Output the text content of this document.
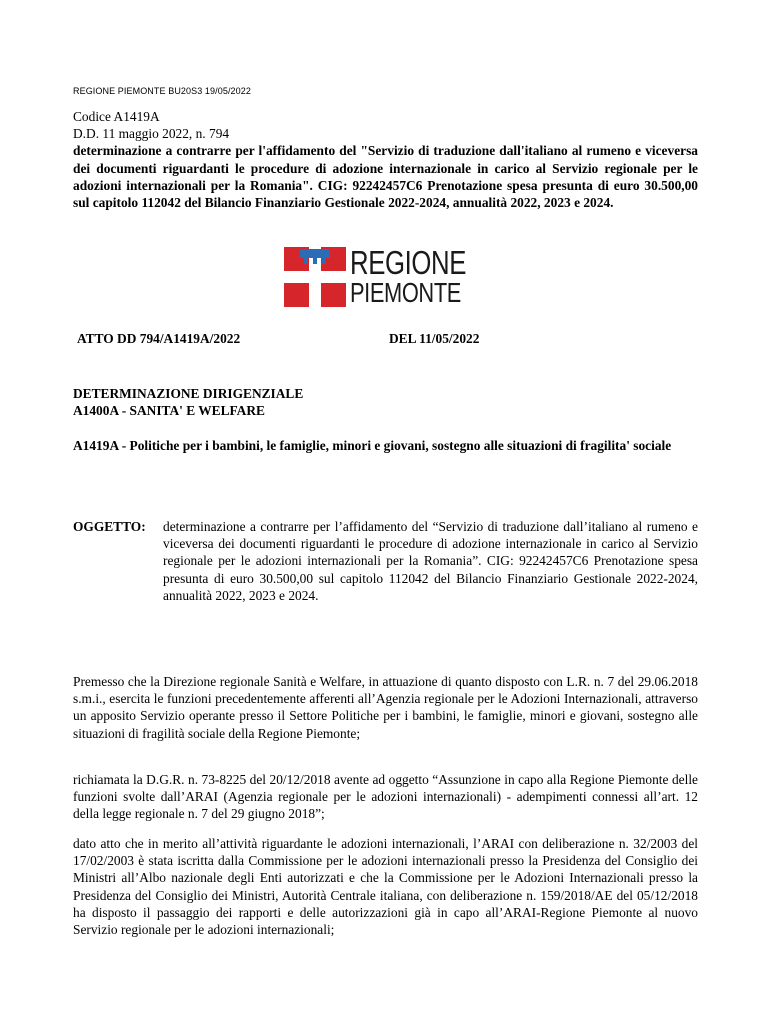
REGIONE PIEMONTE BU20S3 19/05/2022
Codice A1419A
D.D. 11 maggio 2022, n. 794
determinazione a contrarre per l'affidamento del "Servizio di traduzione dall'italiano al rumeno e viceversa dei documenti riguardanti le procedure di adozione internazionale in carico al Servizio regionale per le adozioni internazionali per la Romania". CIG: 92242457C6 Prenotazione spesa presunta di euro 30.500,00 sul capitolo 112042 del Bilancio Finanziario Gestionale 2022-2024, annualità 2022, 2023 e 2024.
REGIONE
PIEMONTE
ATTO DD 794/A1419A/2022	DEL 11/05/2022
DETERMINAZIONE DIRIGENZIALE
A1400A - SANITA' E WELFARE
A1419A - Politiche per i bambini, le famiglie, minori e giovani, sostegno alle situazioni di fragilita' sociale
OGGETTO: determinazione a contrarre per l’affidamento del “Servizio di traduzione dall’italiano al rumeno e viceversa dei documenti riguardanti le procedure di adozione internazionale in carico al Servizio regionale per le adozioni internazionali per la Romania”. CIG: 92242457C6 Prenotazione spesa presunta di euro 30.500,00 sul capitolo 112042 del Bilancio Finanziario Gestionale 2022-2024, annualità 2022, 2023 e 2024.
Premesso che la Direzione regionale Sanità e Welfare, in attuazione di quanto disposto con L.R. n. 7 del 29.06.2018 s.m.i., esercita le funzioni precedentemente afferenti all’Agenzia regionale per le Adozioni Internazionali, attraverso un apposito Servizio operante presso il Settore Politiche per i bambini, le famiglie, minori e giovani, sostegno alle situazioni di fragilità sociale della Regione Piemonte;
richiamata la D.G.R. n. 73-8225 del 20/12/2018 avente ad oggetto “Assunzione in capo alla Regione Piemonte delle funzioni svolte dall’ARAI (Agenzia regionale per le adozioni internazionali) - adempimenti connessi all’art. 12 della legge regionale n. 7 del 29 giugno 2018”;
dato atto che in merito all’attività riguardante le adozioni internazionali, l’ARAI con deliberazione n. 32/2003 del 17/02/2003 è stata iscritta dalla Commissione per le adozioni internazionali presso la Presidenza del Consiglio dei Ministri all’Albo nazionale degli Enti autorizzati e che la Commissione per le Adozioni Internazionali presso la Presidenza del Consiglio dei Ministri, Autorità Centrale italiana, con deliberazione n. 159/2018/AE del 05/12/2018 ha disposto il passaggio dei rapporti e delle autorizzazioni già in capo all’ARAI-Regione Piemonte al nuovo Servizio regionale per le adozioni internazionali;
